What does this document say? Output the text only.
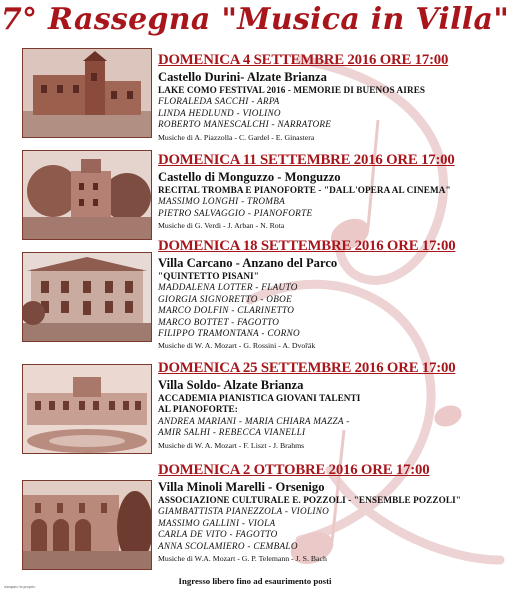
7° Rassegna "Musica in Villa"
DOMENICA 4 SETTEMBRE 2016 ORE 17:00
Castello Durini- Alzate Brianza
LAKE COMO FESTIVAL 2016 - MEMORIE DI BUENOS AIRES
FLORALEDA SACCHI - ARPA
LINDA HEDLUND - VIOLINO
ROBERTO MANESCALCHI - NARRATORE
Musiche di A. Piazzolla - C. Gardel - E. Ginastera
DOMENICA 11 SETTEMBRE 2016 ORE 17:00
Castello di Monguzzo - Monguzzo
RECITAL TROMBA E PIANOFORTE - "DALL'OPERA AL CINEMA"
MASSIMO LONGHI - TROMBA
PIETRO SALVAGGIO - PIANOFORTE
Musiche di G. Verdi - J. Arban - N. Rota
DOMENICA 18 SETTEMBRE 2016 ORE 17:00
Villa Carcano - Anzano del Parco
"QUINTETTO PISANI"
MADDALENA LOTTER - FLAUTO
GIORGIA SIGNORETTO - OBOE
MARCO DOLFIN - CLARINETTO
MARCO BOTTET - FAGOTTO
FILIPPO TRAMONTANA - CORNO
Musiche di W. A. Mozart - G. Rossini - A. Dvořák
DOMENICA 25 SETTEMBRE 2016 ORE 17:00
Villa Soldo- Alzate Brianza
ACCADEMIA PIANISTICA GIOVANI TALENTI
AL PIANOFORTE:
ANDREA MARIANI - MARIA CHIARA MAZZA -
AMIR SALHI - REBECCA VIANELLI
Musiche di W. A. Mozart - F. Liszt - J. Brahms
DOMENICA 2 OTTOBRE 2016 ORE 17:00
Villa Minoli Marelli - Orsenigo
ASSOCIAZIONE CULTURALE E. POZZOLI - "ENSEMBLE POZZOLI"
GIAMBATTISTA PIANEZZOLA - VIOLINO
MASSIMO GALLINI - VIOLA
CARLA DE VITO - FAGOTTO
ANNA SCOLAMIERO - CEMBALO
Musiche di W.A. Mozart - G. P. Telemann - J. S. Bach
Ingresso libero fino ad esaurimento posti
stampato in proprio
